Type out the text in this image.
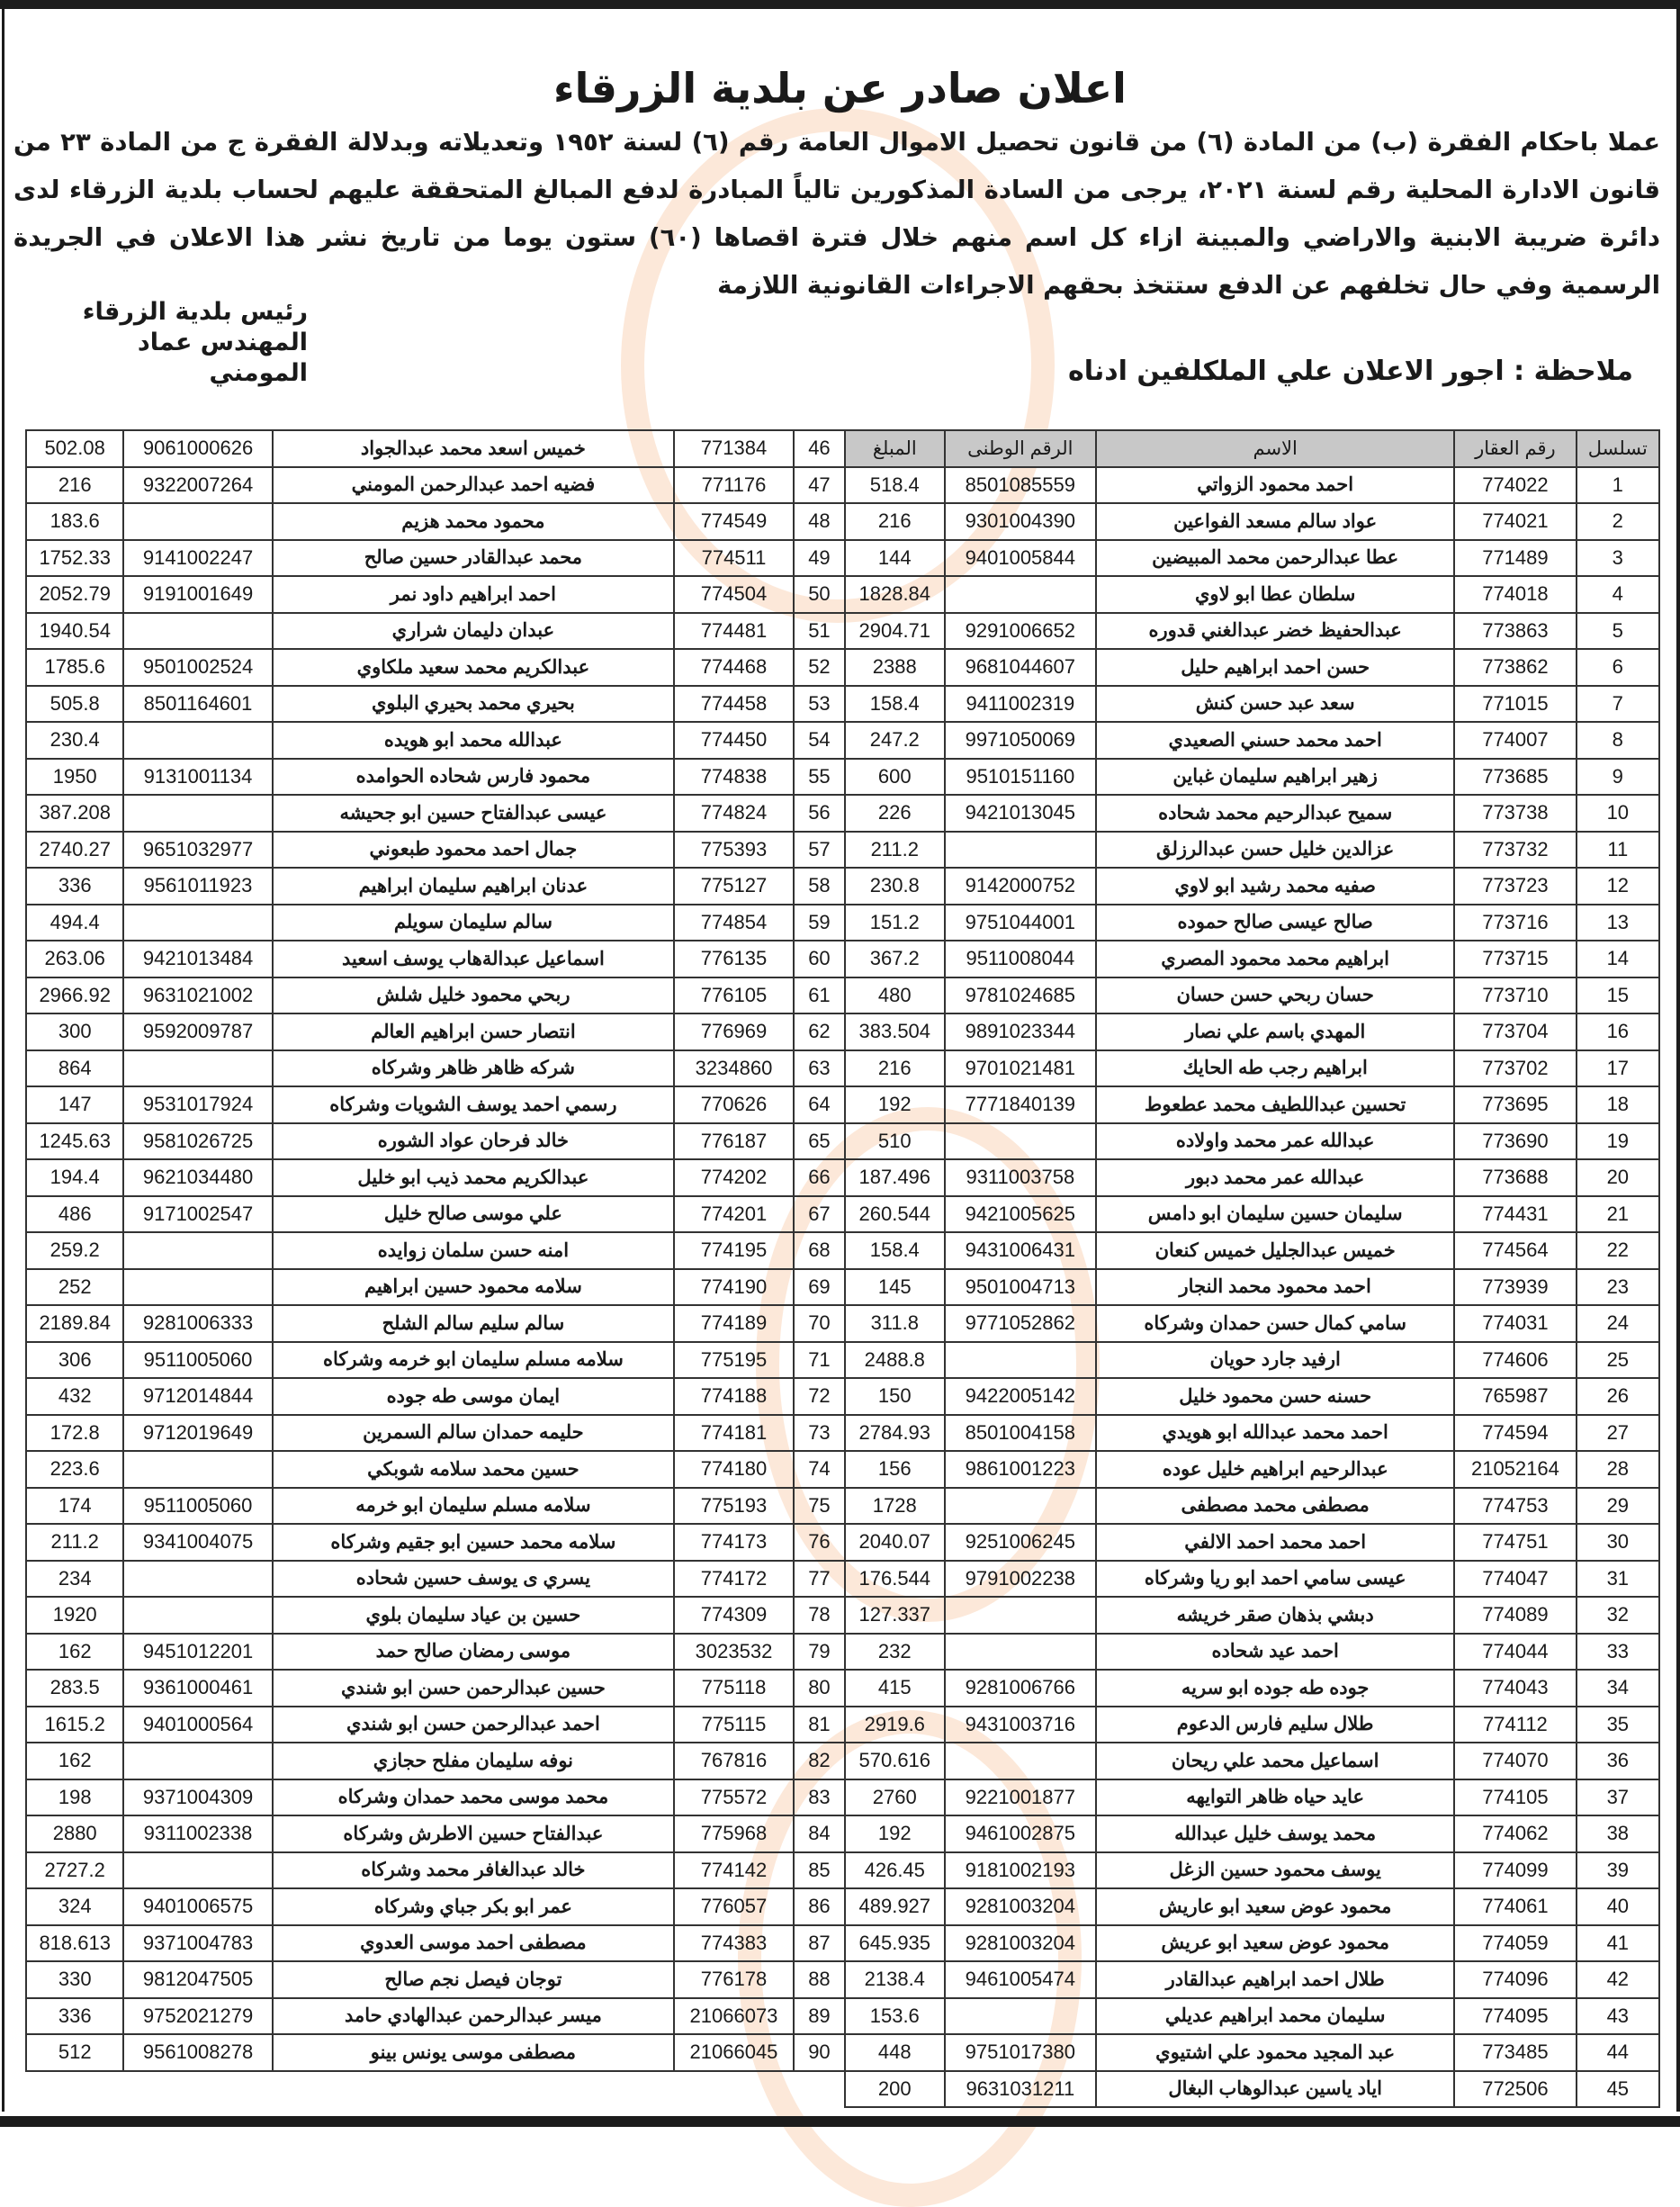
اعلان صادر عن بلدية الزرقاء

عملا باحكام الفقرة (ب) من المادة (٦) من قانون تحصيل الاموال العامة رقم (٦) لسنة ١٩٥٢ وتعديلاته وبدلالة الفقرة ج من المادة ٢٣ من قانون الادارة المحلية رقم لسنة ٢٠٢١، يرجى من السادة المذكورين تالياً المبادرة لدفع المبالغ المتحققة عليهم لحساب بلدية الزرقاء لدى دائرة ضريبة الابنية والاراضي والمبينة ازاء كل اسم منهم خلال فترة اقصاها (٦٠) ستون يوما من تاريخ نشر هذا الاعلان في الجريدة الرسمية وفي حال تخلفهم عن الدفع ستتخذ بحقهم الاجراءات القانونية اللازمة

رئيس بلدية الزرقاء
المهندس عماد المومني	ملاحظة : اجور الاعلان علي الملكلفين ادناه
تسلسل	رقم العقار	الاسم	الرقم الوطنى	المبلغ
1	774022	احمد محمود الزواتي	8501085559	518.4
2	774021	عواد سالم مسعد الفواعين	9301004390	216
3	771489	عطا عبدالرحمن محمد المبيضين	9401005844	144
4	774018	سلطان عطا ابو لاوي		1828.84
5	773863	عبدالحفيظ خضر عبدالغني قدوره	9291006652	2904.71
6	773862	حسن احمد ابراهيم حليل	9681044607	2388
7	771015	سعد عبد حسن كنش	9411002319	158.4
8	774007	احمد محمد حسني الصعيدي	9971050069	247.2
9	773685	زهير ابراهيم سليمان غباين	9510151160	600
10	773738	سميح عبدالرحيم محمد شحاده	9421013045	226
11	773732	عزالدين خليل حسن عبدالرزلق		211.2
12	773723	صفيه محمد رشيد ابو لاوي	9142000752	230.8
13	773716	صالح عيسى صالح حموده	9751044001	151.2
14	773715	ابراهيم محمد محمود المصري	9511008044	367.2
15	773710	حسان ربحي حسن حسان	9781024685	480
16	773704	المهدي باسم علي نصار	9891023344	383.504
17	773702	ابراهيم رجب طه الحايك	9701021481	216
18	773695	تحسين عبداللطيف محمد عطعوط	7771840139	192
19	773690	عبدالله عمر محمد واولاده		510
20	773688	عبدالله عمر محمد دبور	9311003758	187.496
21	774431	سليمان حسين سليمان ابو دامس	9421005625	260.544
22	774564	خميس عبدالجليل خميس كنعان	9431006431	158.4
23	773939	احمد محمود محمد النجار	9501004713	145
24	774031	سامي كمال حسن حمدان وشركاه	9771052862	311.8
25	774606	ارفيد جارد حويان		2488.8
26	765987	حسنه حسن محمود خليل	9422005142	150
27	774594	احمد محمد عبدالله ابو هويدي	8501004158	2784.93
28	21052164	عبدالرحيم ابراهيم خليل عوده	9861001223	156
29	774753	مصطفى محمد مصطفى		1728
30	774751	احمد محمد احمد الالفي	9251006245	2040.07
31	774047	عيسى سامي احمد ابو ريا وشركاه	9791002238	176.544
32	774089	دبشي بذهان صقر خريشه		127.337
33	774044	احمد عيد شحاده		232
34	774043	جوده طه جوده ابو سريه	9281006766	415
35	774112	طلال سليم فارس الدعوم	9431003716	2919.6
36	774070	اسماعيل محمد علي ريحان		570.616
37	774105	عايد حياه ظاهر التوايهه	9221001877	2760
38	774062	محمد يوسف خليل عبدالله	9461002875	192
39	774099	يوسف محمود حسين الزغل	9181002193	426.45
40	774061	محمود عوض سعيد ابو عاريش	9281003204	489.927
41	774059	محمود عوض سعيد ابو عريش	9281003204	645.935
42	774096	طلال احمد ابراهيم عبدالقادر	9461005474	2138.4
43	774095	سليمان محمد ابراهيم عديلي		153.6
44	773485	عبد المجيد محمود علي اشتيوي	9751017380	448
45	772506	اياد ياسين عبدالوهاب البغال	9631031211	200
46	771384	خميس اسعد محمد عبدالجواد	9061000626	502.08
47	771176	فضيه احمد عبدالرحمن المومني	9322007264	216
48	774549	محمود محمد هزيم		183.6
49	774511	محمد عبدالقادر حسين صالح	9141002247	1752.33
50	774504	احمد ابراهيم داود نمر	9191001649	2052.79
51	774481	عبدان دليمان شراري		1940.54
52	774468	عبدالكريم محمد سعيد ملكاوي	9501002524	1785.6
53	774458	بحيري محمد بحيري البلوي	8501164601	505.8
54	774450	عبدالله محمد ابو هويده		230.4
55	774838	محمود فارس شحاده الحوامده	9131001134	1950
56	774824	عيسى عبدالفتاح حسين ابو جحيشه		387.208
57	775393	جمال احمد محمود طبعوني	9651032977	2740.27
58	775127	عدنان ابراهيم سليمان ابراهيم	9561011923	336
59	774854	سالم سليمان سويلم		494.4
60	776135	اسماعيل عبدالةهاب يوسف اسعيد	9421013484	263.06
61	776105	ربحي محمود خليل شلش	9631021002	2966.92
62	776969	انتصار حسن ابراهيم العالم	9592009787	300
63	3234860	شركه ظاهر ظاهر وشركاه		864
64	770626	رسمي احمد يوسف الشويات وشركاه	9531017924	147
65	776187	خالد فرحان عواد الشوره	9581026725	1245.63
66	774202	عبدالكريم محمد ذيب ابو خليل	9621034480	194.4
67	774201	علي موسى صالح خليل	9171002547	486
68	774195	امنه حسن سلمان زوايده		259.2
69	774190	سلامه محمود حسين ابراهيم		252
70	774189	سالم سليم سالم الشلح	9281006333	2189.84
71	775195	سلامه مسلم سليمان ابو خرمه وشركاه	9511005060	306
72	774188	ايمان موسى طه جوده	9712014844	432
73	774181	حليمه حمدان سالم السمرين	9712019649	172.8
74	774180	حسين محمد سلامه شوبكي		223.6
75	775193	سلامه مسلم سليمان ابو خرمه	9511005060	174
76	774173	سلامه محمد حسين ابو جقيم وشركاه	9341004075	211.2
77	774172	يسري ى يوسف حسين شحاده		234
78	774309	حسين بن عياد سليمان بلوي		1920
79	3023532	موسى رمضان صالح حمد	9451012201	162
80	775118	حسين عبدالرحمن حسن ابو شندي	9361000461	283.5
81	775115	احمد عبدالرحمن حسن ابو شندي	9401000564	1615.2
82	767816	نوفه سليمان مفلح حجازي		162
83	775572	محمد موسى محمد حمدان وشركاه	9371004309	198
84	775968	عبدالفتاح حسين الاطرش وشركاه	9311002338	2880
85	774142	خالد عبدالغافر محمد وشركاه		2727.2
86	776057	عمر ابو بكر جباي وشركاه	9401006575	324
87	774383	مصطفى احمد موسى العدوي	9371004783	818.613
88	776178	توجان فيصل نجم صالح	9812047505	330
89	21066073	ميسر عبدالرحمن عبدالهادي حامد	9752021279	336
90	21066045	مصطفى موسى يونس بينو	9561008278	512
